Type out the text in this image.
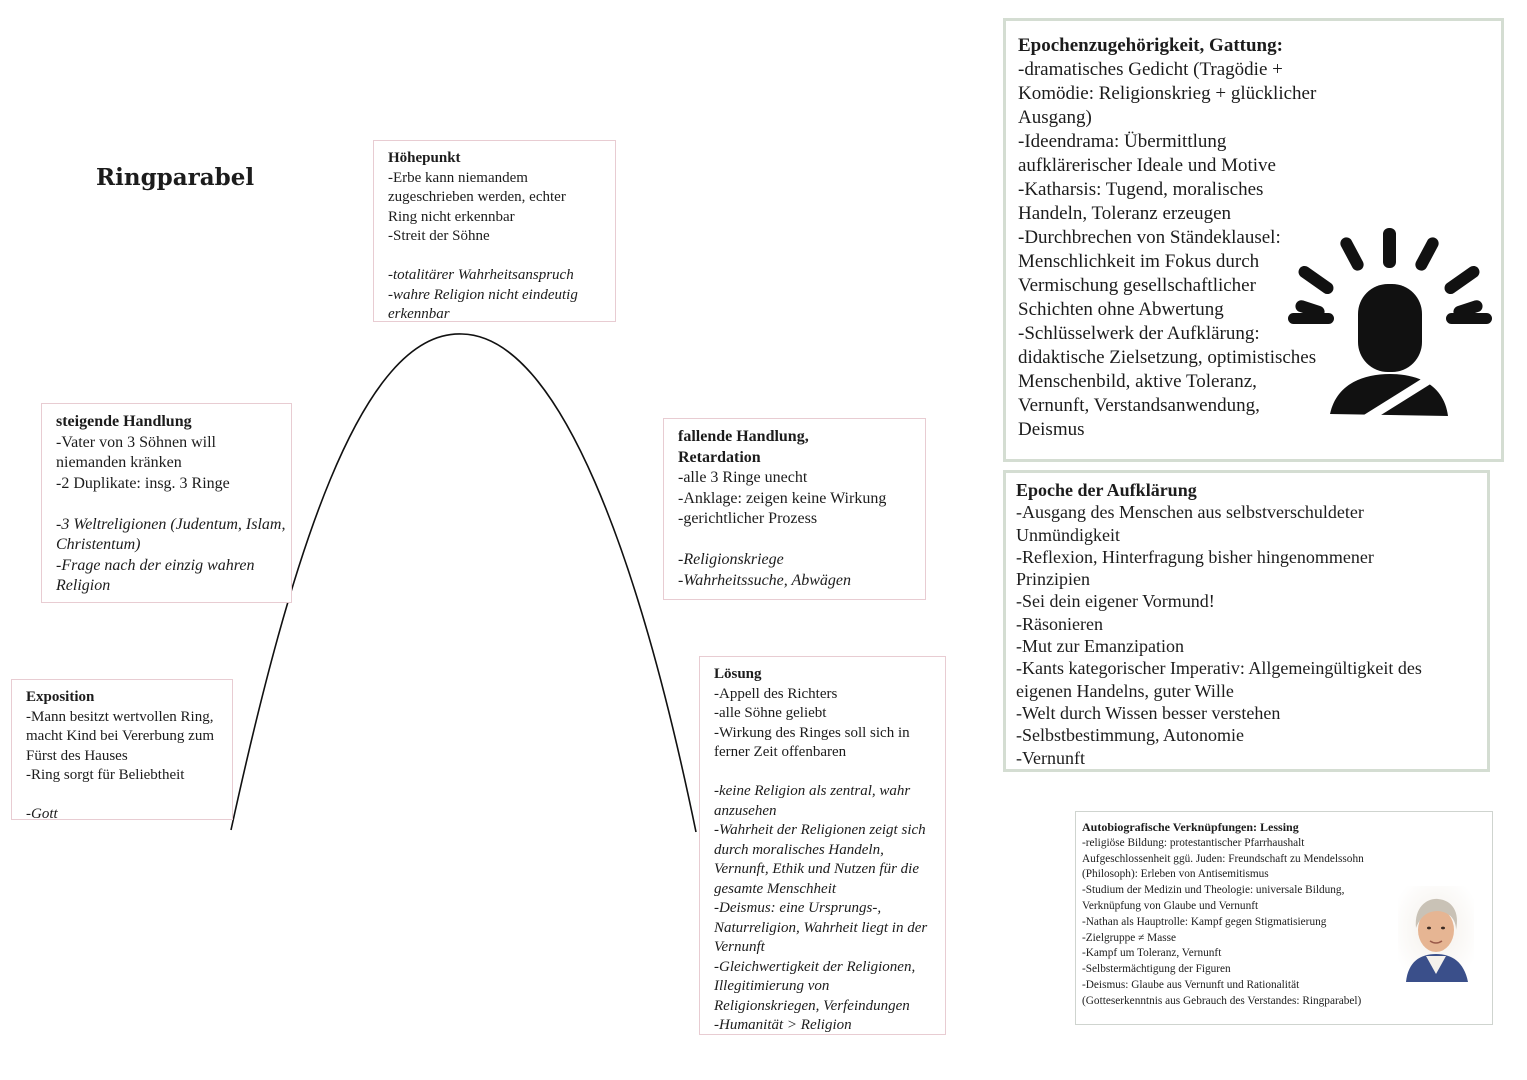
Ringparabel
Höhepunkt
-Erbe kann niemandem
zugeschrieben werden, echter
Ring nicht erkennbar
-Streit der Söhne
-totalitärer Wahrheitsanspruch
-wahre Religion nicht eindeutig
erkennbar
steigende Handlung
-Vater von 3 Söhnen will
niemanden kränken
-2 Duplikate: insg. 3 Ringe
-3 Weltreligionen (Judentum, Islam,
Christentum)
-Frage nach der einzig wahren
Religion
Exposition
-Mann besitzt wertvollen Ring,
macht Kind bei Vererbung zum
Fürst des Hauses
-Ring sorgt für Beliebtheit
-Gott
fallende Handlung,
Retardation
-alle 3 Ringe unecht
-Anklage: zeigen keine Wirkung
-gerichtlicher Prozess
-Religionskriege
-Wahrheitssuche, Abwägen
Lösung
-Appell des Richters
-alle Söhne geliebt
-Wirkung des Ringes soll sich in
ferner Zeit offenbaren
-keine Religion als zentral, wahr
anzusehen
-Wahrheit der Religionen zeigt sich
durch moralisches Handeln,
Vernunft, Ethik und Nutzen für die
gesamte Menschheit
-Deismus: eine Ursprungs-,
Naturreligion, Wahrheit liegt in der
Vernunft
-Gleichwertigkeit der Religionen,
Illegitimierung von
Religionskriegen, Verfeindungen
-Humanität > Religion
Epochenzugehörigkeit, Gattung:
-dramatisches Gedicht (Tragödie +
Komödie: Religionskrieg + glücklicher
Ausgang)
-Ideendrama: Übermittlung
aufklärerischer Ideale und Motive
-Katharsis: Tugend, moralisches
Handeln, Toleranz erzeugen
-Durchbrechen von Ständeklausel:
Menschlichkeit im Fokus durch
Vermischung gesellschaftlicher
Schichten ohne Abwertung
-Schlüsselwerk der Aufklärung:
didaktische Zielsetzung, optimistisches
Menschenbild, aktive Toleranz,
Vernunft, Verstandsanwendung,
Deismus
Epoche der Aufklärung
-Ausgang des Menschen aus selbstverschuldeter
Unmündigkeit
-Reflexion, Hinterfragung bisher hingenommener
Prinzipien
-Sei dein eigener Vormund!
-Räsonieren
-Mut zur Emanzipation
-Kants kategorischer Imperativ: Allgemeingültigkeit des
eigenen Handelns, guter Wille
-Welt durch Wissen besser verstehen
-Selbstbestimmung, Autonomie
-Vernunft
Autobiografische Verknüpfungen: Lessing
-religiöse Bildung: protestantischer Pfarrhaushalt
Aufgeschlossenheit ggü. Juden: Freundschaft zu Mendelssohn
(Philosoph): Erleben von Antisemitismus
-Studium der Medizin und Theologie: universale Bildung,
Verknüpfung von Glaube und Vernunft
-Nathan als Hauptrolle: Kampf gegen Stigmatisierung
-Zielgruppe ≠ Masse
-Kampf um Toleranz, Vernunft
-Selbstermächtigung der Figuren
-Deismus: Glaube aus Vernunft und Rationalität
(Gotteserkenntnis aus Gebrauch des Verstandes: Ringparabel)
